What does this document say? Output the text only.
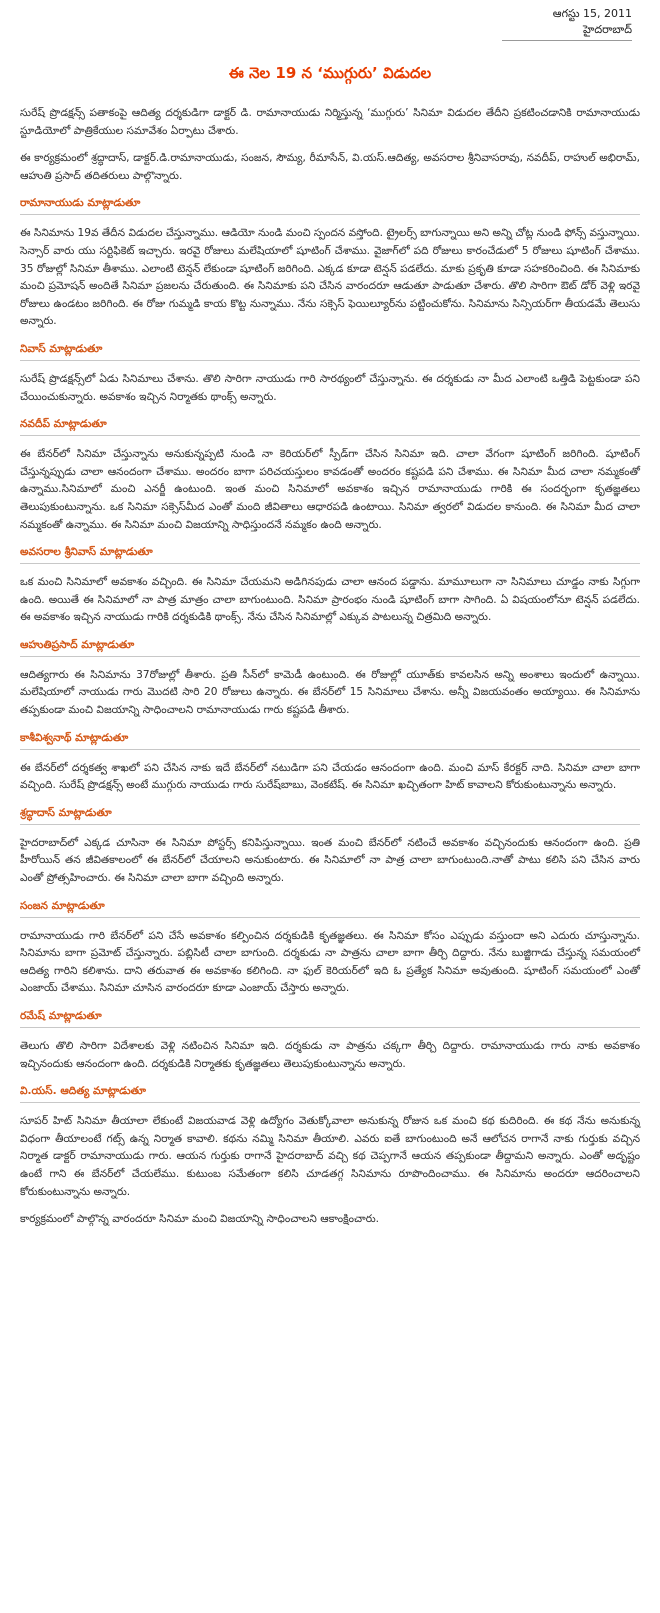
ఆగస్టు 15, 2011
హైదరాబాద్
ఈ నెల 19 న ‘ముగ్గురు’ విడుదల

సురేష్ ప్రొడక్షన్స్ పతాకంపై ఆదిత్య దర్శకుడిగా డాక్టర్ డి. రామానాయుడు నిర్మిస్తున్న ‘ముగ్గురు’ సినిమా విడుదల తేదీని ప్రకటించడానికి రామానాయుడు స్టూడియోలో పాత్రికేయుల సమావేశం ఏర్పాటు చేశారు.

ఈ కార్యక్రమంలో శ్రద్ధాదాస్, డాక్టర్.డి.రామానాయుడు, సంజన, సౌమ్య, రీమాసేన్, వి.యస్.ఆదిత్య, అవసరాల శ్రీనివాసరావు, నవదీప్, రాహుల్ అభిరామ్, ఆహుతి ప్రసాద్ తదితరులు పాల్గొన్నారు.

రామానాయుడు మాట్లాడుతూ

ఈ సినిమాను 19వ తేదీన విడుదల చేస్తున్నాము. ఆడియో నుండి మంచి స్పందన వస్తోంది. ట్రైలర్స్ బాగున్నాయి అని అన్ని చోట్ల నుండి ఫోన్స్ వస్తున్నాయి. సెన్సార్ వారు యు సర్టిఫికెట్ ఇచ్చారు. ఇరవై రోజులు మలేషియాలో షూటింగ్ చేశాము. వైజాగ్‌లో పది రోజులు కారంచేడులో 5 రోజులు షూటింగ్ చేశాము. 35 రోజుల్లో సినిమా తీశాము. ఎలాంటి టెన్షన్ లేకుండా షూటింగ్ జరిగింది. ఎక్కడ కూడా టెన్షన్ పడలేదు. మాకు ప్రకృతి కూడా సహకరించింది. ఈ సినిమాకు మంచి ప్రమోషన్ అందితే సినిమా ప్రజలను చేరుతుంది. ఈ సినిమాకు పని చేసిన వారందరూ ఆడుతూ పాడుతూ చేశారు. తొలి సారిగా ఔట్ డోర్ వెళ్లి ఇరవై రోజులు ఉండటం జరిగింది. ఈ రోజు గుమ్మడి కాయ కొట్ట నున్నాము. నేను సక్సెస్ ఫెయిల్యూర్‌ను పట్టించుకోను. సినిమాను సిన్సియర్‌గా తీయడమే తెలుసు అన్నారు.

నివాస్ మాట్లాడుతూ

సురేష్ ప్రొడక్షన్స్‌లో ఏడు సినిమాలు చేశాను. తొలి సారిగా నాయుడు గారి సారథ్యంలో చేస్తున్నాను. ఈ దర్శకుడు నా మీద ఎలాంటి ఒత్తిడి పెట్టకుండా పని చేయించుకున్నారు. అవకాశం ఇచ్చిన నిర్మాతకు థాంక్స్ అన్నారు.

నవదీప్ మాట్లాడుతూ

ఈ బేనర్‌లో సినిమా చేస్తున్నాను అనుకున్నప్పటి నుండి నా కెరియర్‌లో స్పీడ్‌గా చేసిన సినిమా ఇది. చాలా వేగంగా షూటింగ్ జరిగింది. షూటింగ్ చేస్తున్నప్పుడు చాలా ఆనందంగా చేశాము. అందరం బాగా పరిచయస్తులం కావడంతో అందరం కష్టపడి పని చేశాము. ఈ సినిమా మీద చాలా నమ్మకంతో ఉన్నాము.సినిమాలో మంచి ఎనర్జీ ఉంటుంది. ఇంత మంచి సినిమాలో అవకాశం ఇచ్చిన రామానాయుడు గారికి ఈ సందర్భంగా కృతజ్ఞతలు తెలుపుకుంటున్నాను. ఒక సినిమా సక్సెస్‌మీద ఎంతో మంది జీవితాలు ఆధారపడి ఉంటాయి. సినిమా త్వరలో విడుదల కానుంది. ఈ సినిమా మీద చాలా నమ్మకంతో ఉన్నాము. ఈ సినిమా మంచి విజయాన్ని సాధిస్తుందనే నమ్మకం ఉంది అన్నారు.

అవసరాల శ్రీనివాస్ మాట్లాడుతూ

ఒక మంచి సినిమాలో అవకాశం వచ్చింది. ఈ సినిమా చేయమని అడిగినపుడు చాలా ఆనంద పడ్డాను. మామూలుగా నా సినిమాలు చూడ్డం నాకు సిగ్గుగా ఉంది. అయితే ఈ సినిమాలో నా పాత్ర మాత్రం చాలా బాగుంటుంది. సినిమా ప్రారంభం నుండి షూటింగ్ బాగా సాగింది. ఏ విషయంలోనూ టెన్షన్ పడలేదు. ఈ అవకాశం ఇచ్చిన నాయుడు గారికి దర్శకుడికి థాంక్స్. నేను చేసిన సినిమాల్లో ఎక్కువ పాటలున్న చిత్రమిది అన్నారు.

ఆహుతిప్రసాద్ మాట్లాడుతూ

ఆదిత్యగారు ఈ సినిమాను 37రోజుల్లో తీశారు. ప్రతి సీన్‌లో కామెడీ ఉంటుంది. ఈ రోజుల్లో యూత్‌కు కావలసిన అన్ని అంశాలు ఇందులో ఉన్నాయి. మలేషియాలో నాయుడు గారు మొదటి సారి 20 రోజులు ఉన్నారు. ఈ బేనర్‌లో 15 సినిమాలు చేశాను. అన్నీ విజయవంతం అయ్యాయి. ఈ సినిమాను తప్పకుండా మంచి విజయాన్ని సాధించాలని రామానాయుడు గారు కష్టపడి తీశారు.

కాశీవిశ్వనాథ్ మాట్లాడుతూ

ఈ బేనర్‌లో దర్శకత్వ శాఖలో పని చేసిన నాకు ఇదే బేనర్‌లో నటుడిగా పని చేయడం ఆనందంగా ఉంది. మంచి మాస్ కేరక్టర్ నాది. సినిమా చాలా బాగా వచ్చింది. సురేష్ ప్రొడక్షన్స్ అంటే ముగ్గురు నాయుడు గారు సురేష్‌బాబు, వెంకటేష్. ఈ సినిమా ఖచ్చితంగా హిట్ కావాలని కోరుకుంటున్నాను అన్నారు.

శ్రద్ధాదాస్ మాట్లాడుతూ

హైదరాబాద్‌లో ఎక్కడ చూసినా ఈ సినిమా పోస్టర్స్ కనిపిస్తున్నాయి. ఇంత మంచి బేనర్‌లో నటించే అవకాశం వచ్చినందుకు ఆనందంగా ఉంది. ప్రతి హీరోయిన్ తన జీవితకాలంలో ఈ బేనర్‌లో చేయాలని అనుకుంటారు. ఈ సినిమాలో నా పాత్ర చాలా బాగుంటుంది.నాతో పాటు కలిసి పని చేసిన వారు ఎంతో ప్రోత్సహించారు. ఈ సినిమా చాలా బాగా వచ్చింది అన్నారు.

సంజన మాట్లాడుతూ

రామానాయుడు గారి బేనర్‌లో పని చేసే అవకాశం కల్పించిన దర్శకుడికి కృతజ్ఞతలు. ఈ సినిమా కోసం ఎప్పుడు వస్తుందా అని ఎదురు చూస్తున్నాను. సినిమాను బాగా ప్రమోట్ చేస్తున్నారు. పబ్లిసిటీ చాలా బాగుంది. దర్శకుడు నా పాత్రను చాలా బాగా తీర్చి దిద్దారు. నేను బుజ్జిగాడు చేస్తున్న సమయంలో ఆదిత్య గారిని కలిశాను. దాని తరువాత ఈ అవకాశం కలిగింది. నా ఫుల్ కెరియర్‌లో ఇది ఓ ప్రత్యేక సినిమా అవుతుంది. షూటింగ్ సమయంలో ఎంతో ఎంజాయ్ చేశాము. సినిమా చూసిన వారందరూ కూడా ఎంజాయ్ చేస్తారు అన్నారు.

రమేష్ మాట్లాడుతూ

తెలుగు తొలి సారిగా విదేశాలకు వెళ్లి నటించిన సినిమా ఇది. దర్శకుడు నా పాత్రను చక్కగా తీర్చి దిద్దారు. రామానాయుడు గారు నాకు అవకాశం ఇచ్చినందుకు ఆనందంగా ఉంది. దర్శకుడికి నిర్మాతకు కృతజ్ఞతలు తెలుపుకుంటున్నాను అన్నారు.

వి.యస్. ఆదిత్య మాట్లాడుతూ

సూపర్ హిట్ సినిమా తీయాలా లేకుంటే విజయవాడ వెళ్లి ఉద్యోగం వెతుక్కోవాలా అనుకున్న రోజున ఒక మంచి కథ కుదిరింది. ఈ కథ నేను అనుకున్న విధంగా తీయాలంటే గట్స్ ఉన్న నిర్మాత కావాలి. కథను నమ్మి సినిమా తీయాలి. ఎవరు ఐతే బాగుంటుంది అనే ఆలోచన రాగానే నాకు గుర్తుకు వచ్చిన నిర్మాత డాక్టర్ రామానాయుడు గారు. ఆయన గుర్తుకు రాగానే హైదరాబాద్ వచ్చి కథ చెప్పగానే ఆయన తప్పకుండా తీద్దామని అన్నారు. ఎంతో అదృష్టం ఉంటే గాని ఈ బేనర్‌లో చేయలేము. కుటుంబ సమేతంగా కలిసి చూడతగ్గ సినిమాను రూపొందించాము. ఈ సినిమాను అందరూ ఆదరించాలని కోరుకుంటున్నాను అన్నారు.

కార్యక్రమంలో పాల్గొన్న వారందరూ సినిమా మంచి విజయాన్ని సాధించాలని ఆకాంక్షించారు.
